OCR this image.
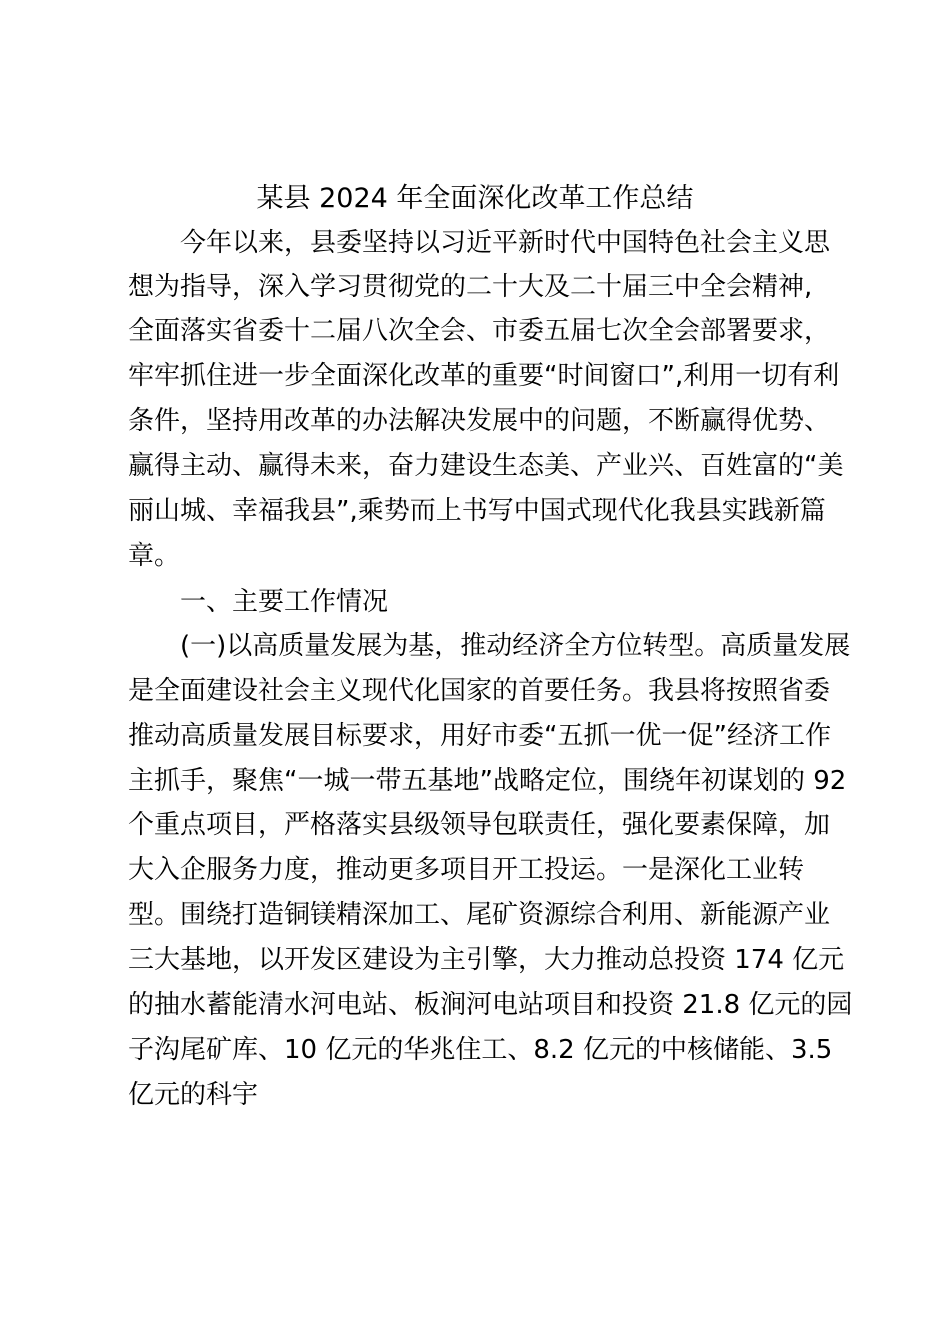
某县 2024 年全面深化改革工作总结
今年以来，县委坚持以习近平新时代中国特色社会主义思
想为指导，深入学习贯彻党的二十大及二十届三中全会精神,
全面落实省委十二届八次全会、市委五届七次全会部署要求，
牢牢抓住进一步全面深化改革的重要“时间窗口”,利用一切有利
条件，坚持用改革的办法解决发展中的问题，不断赢得优势、
赢得主动、赢得未来，奋力建设生态美、产业兴、百姓富的“美
丽山城、幸福我县”,乘势而上书写中国式现代化我县实践新篇
章。
一、主要工作情况
(一)以高质量发展为基，推动经济全方位转型。高质量发展
是全面建设社会主义现代化国家的首要任务。我县将按照省委
推动高质量发展目标要求，用好市委“五抓一优一促”经济工作
主抓手，聚焦“一城一带五基地”战略定位，围绕年初谋划的 92
个重点项目，严格落实县级领导包联责任，强化要素保障，加
大入企服务力度，推动更多项目开工投运。一是深化工业转
型。围绕打造铜镁精深加工、尾矿资源综合利用、新能源产业
三大基地，以开发区建设为主引擎，大力推动总投资 174 亿元
的抽水蓄能清水河电站、板涧河电站项目和投资 21.8 亿元的园
子沟尾矿库、10 亿元的华兆住工、8.2 亿元的中核储能、3.5
亿元的科宇
